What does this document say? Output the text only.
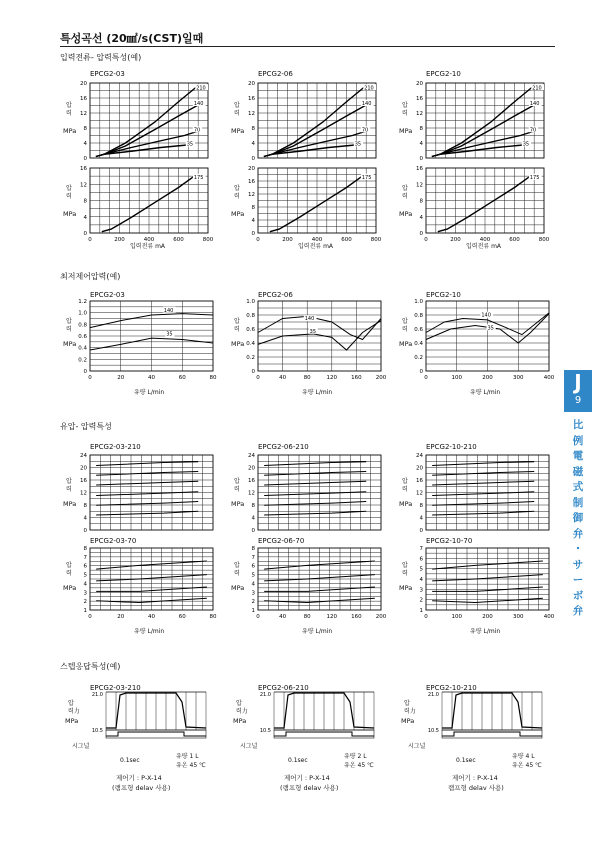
특성곡선 (20㎟/s(CST)일때
입력전류- 압력특성(예)
최저제어압력(예)
유압- 압력특성
스텝응답특성(예)
J
9
比
例
電
磁
式
制
御
弁
・
サ
ー
ボ
弁
0
4
8
12
16
20
210
140
70
35
0
4
8
12
16
0	200	400	600	800
175
0
4
8
12
16
20
210
140
70
35
0
4
8
12
16
20
0	200	400	600	800
175
0
4
8
12
16
20
210
140
70
35
0
4
8
12
16
0	200	400	600	800
175
0
0.2
0.4
0.6
0.8
1.0
1.2
0	20	40	60	80
140
35
0
0.2
0.4
0.6
0.8
1.0
0	40	80	120	160	200
140
35
0
0.2
0.4
0.6
0.8
1.0
0	100	200	300	400
140
35
0
4
8
12
16
20
24
1
2
3
4
5
6
7
8
0	20	40	60	80
0
4
8
12
16
20
24
1
2
3
4
5
6
7
8
0	40	80	120	160	200
0
4
8
12
16
20
24
1
2
3
4
5
6
7
0	100	200	300	400
21.0
10.5
21.0
10.5
21.0
10.5
EPCG2-03
압
력
MPa
압
력
MPa
입력전류 mA
EPCG2-06
압
력
MPa
압
력
MPa
입력전류 mA
EPCG2-10
압
력
MPa
압
력
MPa
입력전류 mA
EPCG2-03
압
력
MPa
유량 L/min
EPCG2-06
압
력
MPa
유량 L/min
EPCG2-10
압
력
MPa
유량 L/min
EPCG2-03-210
압
력
MPa
EPCG2-03-70
압
력
MPa
유량 L/min
EPCG2-06-210
압
력
MPa
EPCG2-06-70
압
력
MPa
유량 L/min
EPCG2-10-210
압
력
MPa
EPCG2-10-70
압
력
MPa
유량 L/min
EPCG2-03-210
압
력力
MPa
시그널
0.1sec
유량 1 L
유온 45 ℃
제어기 : P-X-14
(램프형 delav 사용)
EPCG2-06-210
압
력力
MPa
시그널
0.1sec
유량 2 L
유온 45 ℃
제어기 : P-X-14
(램프형 delav 사용)
EPCG2-10-210
압
력力
MPa
시그널
0.1sec
유량 4 L
유온 45 ℃
제어기 : P-X-14
램프형 delav 사용)
